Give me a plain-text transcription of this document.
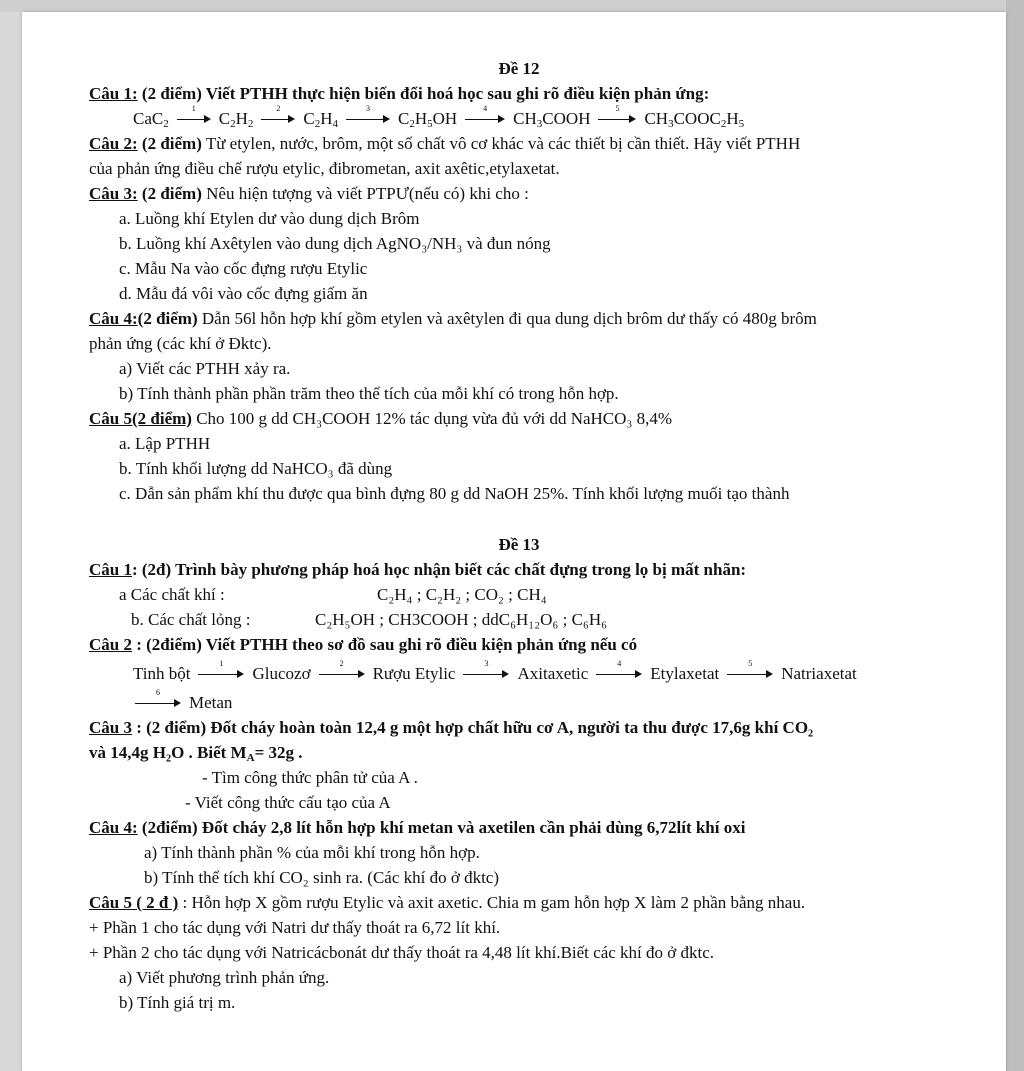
Đề 12

Câu 1: (2 điểm) Viết PTHH thực hiện biến đổi hoá học sau ghi rõ điều kiện phản ứng:

CaC$_2$
1
$C_2H_2$
2
$C_2H_4$
3
$C_2H_5OH$
4
$CH_3COOH$
5
$CH_3COOC_2H_5$

Câu 2: (2 điểm) Từ etylen, nước, brôm, một số chất vô cơ khác và các thiết bị cần thiết. Hãy viết PTHH

của phản ứng điều chế rượu etylic, đibrometan, axit axêtic,etylaxetat.

Câu 3: (2 điểm) Nêu hiện tượng và viết PTPƯ(nếu có) khi cho :

a. Luồng khí Etylen dư vào dung dịch Brôm

b. Luồng khí Axêtylen vào dung dịch AgNO₃/NH₃ và đun nóng

c. Mẫu Na vào cốc đựng rượu Etylic

d. Mẫu đá vôi vào cốc đựng giấm ăn

Câu 4:(2 điểm) Dẫn 56l hỗn hợp khí gồm etylen và axêtylen đi qua dung dịch brôm dư thấy có 480g brôm

phản ứng (các khí ở Đktc).

a) Viết các PTHH xảy ra.

b) Tính thành phần phần trăm theo thể tích của mỗi khí có trong hỗn hợp.

Câu 5(2 điểm) Cho 100 g dd CH₃COOH 12% tác dụng vừa đủ với dd NaHCO₃ 8,4%

a. Lập PTHH

b. Tính khối lượng dd NaHCO₃ đã dùng

c. Dẫn sản phẩm khí thu được qua bình đựng 80 g dd NaOH 25%. Tính khối lượng muối tạo thành

Đề 13

Câu 1: (2đ) Trình bày phương pháp hoá học nhận biết các chất đựng trong lọ bị mất nhãn:

a Các chất khí :	C₂H₄ ; C₂H₂ ; CO₂ ; CH₄

b. Các chất lỏng :	C₂H₅OH ; CH3COOH ; ddC₆H₁₂O₆ ; C₆H₆

Câu 2 : (2điểm) Viết PTHH theo sơ đồ sau ghi rõ điều kiện phản ứng nếu có

Tinh bột
1
Glucozơ
2
Rượu Etylic
3
Axitaxetic
4
Etylaxetat
5
Natriaxetat
6
Metan

Câu 3 : (2 điểm) Đốt cháy hoàn toàn 12,4 g một hợp chất hữu cơ A, người ta thu được 17,6g khí CO₂

và 14,4g H₂O . Biết $M_A= 32g$ .

- Tìm công thức phân tử của A .

- Viết công thức cấu tạo của A

Câu 4: (2điểm) Đốt cháy 2,8 lít hỗn hợp khí metan và axetilen cần phải dùng 6,72lít khí oxi

a) Tính thành phần % của mỗi khí trong hỗn hợp.

b) Tính thể tích khí CO₂ sinh ra. (Các khí đo ở đktc)

Câu 5 ( 2 đ ) : Hỗn hợp X gồm rượu Etylic và axit axetic. Chia m gam hỗn hợp X làm 2 phần bằng nhau.

+ Phần 1 cho tác dụng với Natri dư thấy thoát ra 6,72 lít khí.

+ Phần 2 cho tác dụng với Natricácbonát dư thấy thoát ra 4,48 lít khí.Biết các khí đo ở đktc.

a) Viết phương trình phản ứng.

b) Tính giá trị m.
